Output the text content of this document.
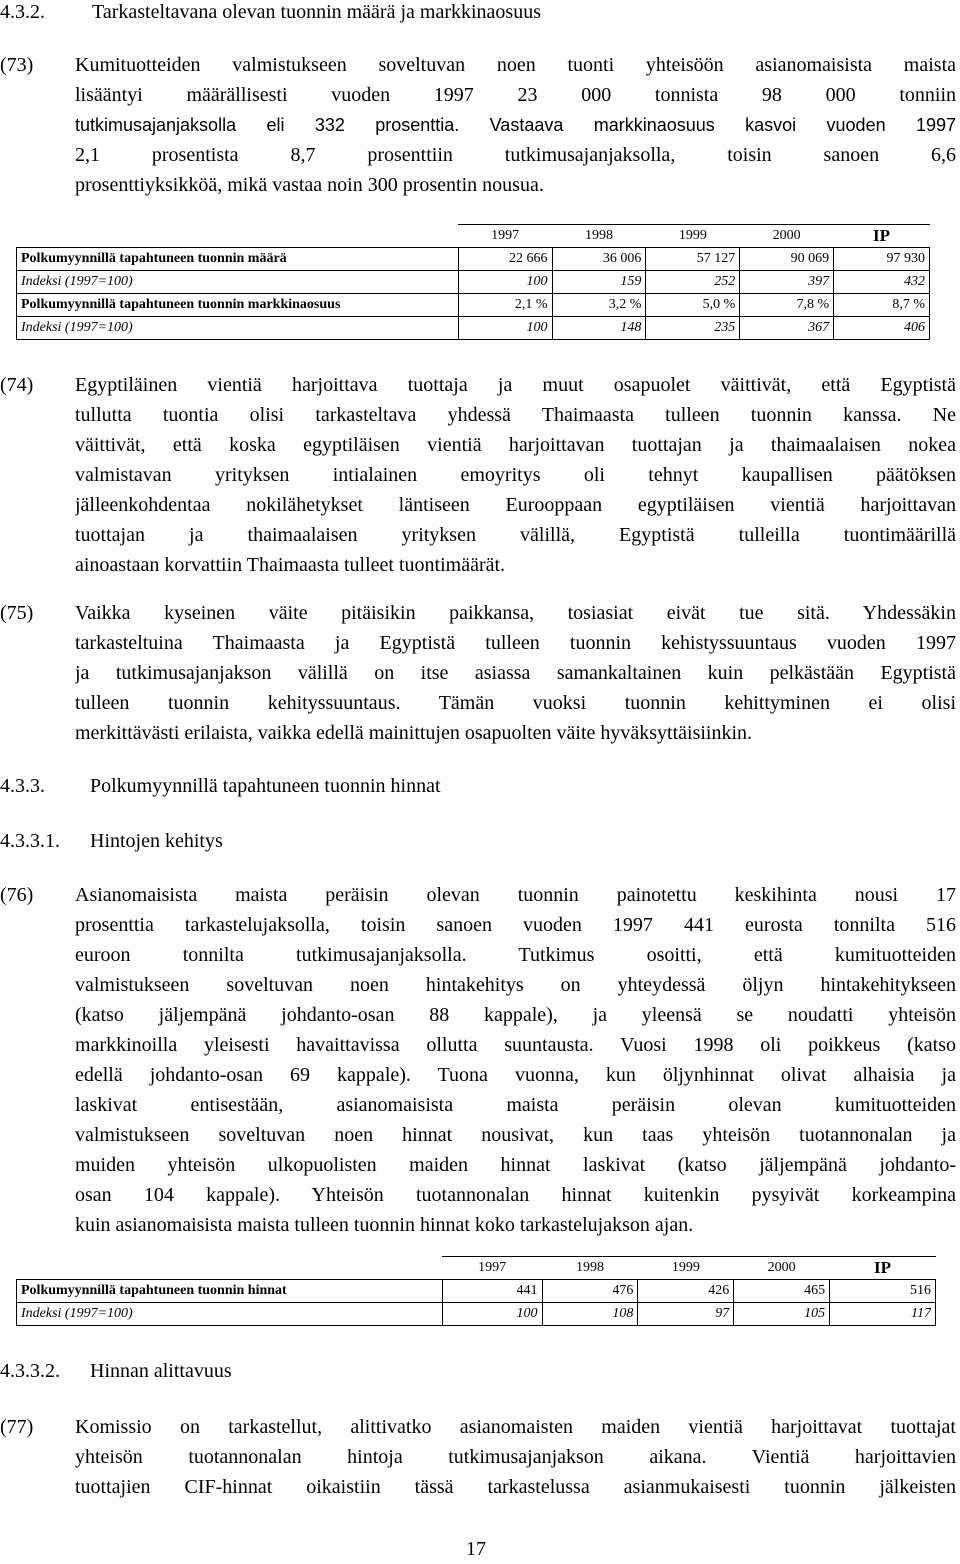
4.3.2. Tarkasteltavana olevan tuonnin määrä ja markkinaosuus
(73) Kumituotteiden valmistukseen soveltuvan noen tuonti yhteisöön asianomaisista maista
lisääntyi määrällisesti vuoden 1997 23 000 tonnista 98 000 tonniin
tutkimusajanjaksolla eli 332 prosenttia. Vastaava markkinaosuus kasvoi vuoden 1997
2,1 prosentista 8,7 prosenttiin tutkimusajanjaksolla, toisin sanoen 6,6
prosenttiyksikköä, mikä vastaa noin 300 prosentin nousua.
	1997	1998	1999	2000	IP
Polkumyynnillä tapahtuneen tuonnin määrä	22 666	36 006	57 127	90 069	97 930
Indeksi (1997=100)	100	159	252	397	432
Polkumyynnillä tapahtuneen tuonnin markkinaosuus	2,1 %	3,2 %	5,0 %	7,8 %	8,7 %
Indeksi (1997=100)	100	148	235	367	406
(74) Egyptiläinen vientiä harjoittava tuottaja ja muut osapuolet väittivät, että Egyptistä
tullutta tuontia olisi tarkasteltava yhdessä Thaimaasta tulleen tuonnin kanssa. Ne
väittivät, että koska egyptiläisen vientiä harjoittavan tuottajan ja thaimaalaisen nokea
valmistavan yrityksen intialainen emoyritys oli tehnyt kaupallisen päätöksen
jälleenkohdentaa nokilähetykset läntiseen Eurooppaan egyptiläisen vientiä harjoittavan
tuottajan ja thaimaalaisen yrityksen välillä, Egyptistä tulleilla tuontimäärillä
ainoastaan korvattiin Thaimaasta tulleet tuontimäärät.
(75) Vaikka kyseinen väite pitäisikin paikkansa, tosiasiat eivät tue sitä. Yhdessäkin
tarkasteltuina Thaimaasta ja Egyptistä tulleen tuonnin kehistyssuuntaus vuoden 1997
ja tutkimusajanjakson välillä on itse asiassa samankaltainen kuin pelkästään Egyptistä
tulleen tuonnin kehityssuuntaus. Tämän vuoksi tuonnin kehittyminen ei olisi
merkittävästi erilaista, vaikka edellä mainittujen osapuolten väite hyväksyttäisiinkin.
4.3.3. Polkumyynnillä tapahtuneen tuonnin hinnat
4.3.3.1. Hintojen kehitys
(76) Asianomaisista maista peräisin olevan tuonnin painotettu keskihinta nousi 17
prosenttia tarkastelujaksolla, toisin sanoen vuoden 1997 441 eurosta tonnilta 516
euroon tonnilta tutkimusajanjaksolla. Tutkimus osoitti, että kumituotteiden
valmistukseen soveltuvan noen hintakehitys on yhteydessä öljyn hintakehitykseen
(katso jäljempänä johdanto-osan 88 kappale), ja yleensä se noudatti yhteisön
markkinoilla yleisesti havaittavissa ollutta suuntausta. Vuosi 1998 oli poikkeus (katso
edellä johdanto-osan 69 kappale). Tuona vuonna, kun öljynhinnat olivat alhaisia ja
laskivat entisestään, asianomaisista maista peräisin olevan kumituotteiden
valmistukseen soveltuvan noen hinnat nousivat, kun taas yhteisön tuotannonalan ja
muiden yhteisön ulkopuolisten maiden hinnat laskivat (katso jäljempänä johdanto-
osan 104 kappale). Yhteisön tuotannonalan hinnat kuitenkin pysyivät korkeampina
kuin asianomaisista maista tulleen tuonnin hinnat koko tarkastelujakson ajan.
	1997	1998	1999	2000	IP
Polkumyynnillä tapahtuneen tuonnin hinnat	441	476	426	465	516
Indeksi (1997=100)	100	108	97	105	117
4.3.3.2. Hinnan alittavuus
(77) Komissio on tarkastellut, alittivatko asianomaisten maiden vientiä harjoittavat tuottajat
yhteisön tuotannonalan hintoja tutkimusajanjakson aikana. Vientiä harjoittavien
tuottajien CIF-hinnat oikaistiin tässä tarkastelussa asianmukaisesti tuonnin jälkeisten
17
